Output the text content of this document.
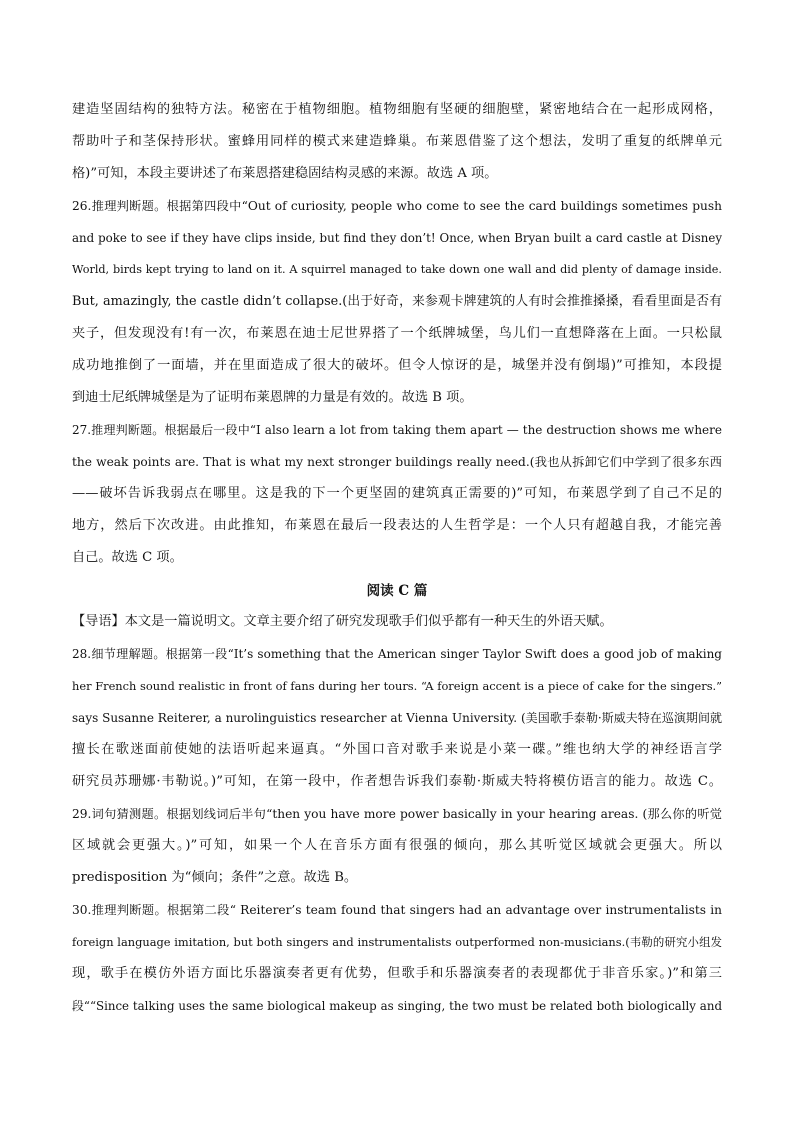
建造坚固结构的独特方法。秘密在于植物细胞。植物细胞有坚硬的细胞壁，紧密地结合在一起形成网格，
帮助叶子和茎保持形状。蜜蜂用同样的模式来建造蜂巢。布莱恩借鉴了这个想法，发明了重复的纸牌单元
格)”可知，本段主要讲述了布莱恩搭建稳固结构灵感的来源。故选 A 项。
26.推理判断题。根据第四段中“Out of curiosity, people who come to see the card buildings sometimes push
and poke to see if they have clips inside, but find they don’t! Once, when Bryan built a card castle at Disney
World, birds kept trying to land on it. A squirrel managed to take down one wall and did plenty of damage inside.
But, amazingly, the castle didn’t collapse.(出于好奇，来参观卡牌建筑的人有时会推推搡搡，看看里面是否有
夹子，但发现没有!有一次，布莱恩在迪士尼世界搭了一个纸牌城堡，鸟儿们一直想降落在上面。一只松鼠
成功地推倒了一面墙，并在里面造成了很大的破坏。但令人惊讶的是，城堡并没有倒塌)”可推知，本段提
到迪士尼纸牌城堡是为了证明布莱恩牌的力量是有效的。故选 B 项。
27.推理判断题。根据最后一段中“I also learn a lot from taking them apart — the destruction shows me where
the weak points are. That is what my next stronger buildings really need.(我也从拆卸它们中学到了很多东西
——破坏告诉我弱点在哪里。这是我的下一个更坚固的建筑真正需要的)”可知，布莱恩学到了自己不足的
地方，然后下次改进。由此推知，布莱恩在最后一段表达的人生哲学是：一个人只有超越自我，才能完善
自己。故选 C 项。
阅读 C 篇
【导语】本文是一篇说明文。文章主要介绍了研究发现歌手们似乎都有一种天生的外语天赋。
28.细节理解题。根据第一段“It’s something that the American singer Taylor Swift does a good job of making
her French sound realistic in front of fans during her tours. “A foreign accent is a piece of cake for the singers.”
says Susanne Reiterer, a nurolinguistics researcher at Vienna University. (美国歌手泰勒·斯威夫特在巡演期间就
擅长在歌迷面前使她的法语听起来逼真。“外国口音对歌手来说是小菜一碟。”维也纳大学的神经语言学
研究员苏珊娜·韦勒说。)”可知，在第一段中，作者想告诉我们泰勒·斯威夫特将模仿语言的能力。故选 C。
29.词句猜测题。根据划线词后半句“then you have more power basically in your hearing areas. (那么你的听觉
区域就会更强大。)”可知，如果一个人在音乐方面有很强的倾向，那么其听觉区域就会更强大。所以
predisposition 为“倾向；条件”之意。故选 B。
30.推理判断题。根据第二段“ Reiterer’s team found that singers had an advantage over instrumentalists in
foreign language imitation, but both singers and instrumentalists outperformed non-musicians.(韦勒的研究小组发
现，歌手在模仿外语方面比乐器演奏者更有优势，但歌手和乐器演奏者的表现都优于非音乐家。)”和第三
段““Since talking uses the same biological makeup as singing, the two must be related both biologically and
